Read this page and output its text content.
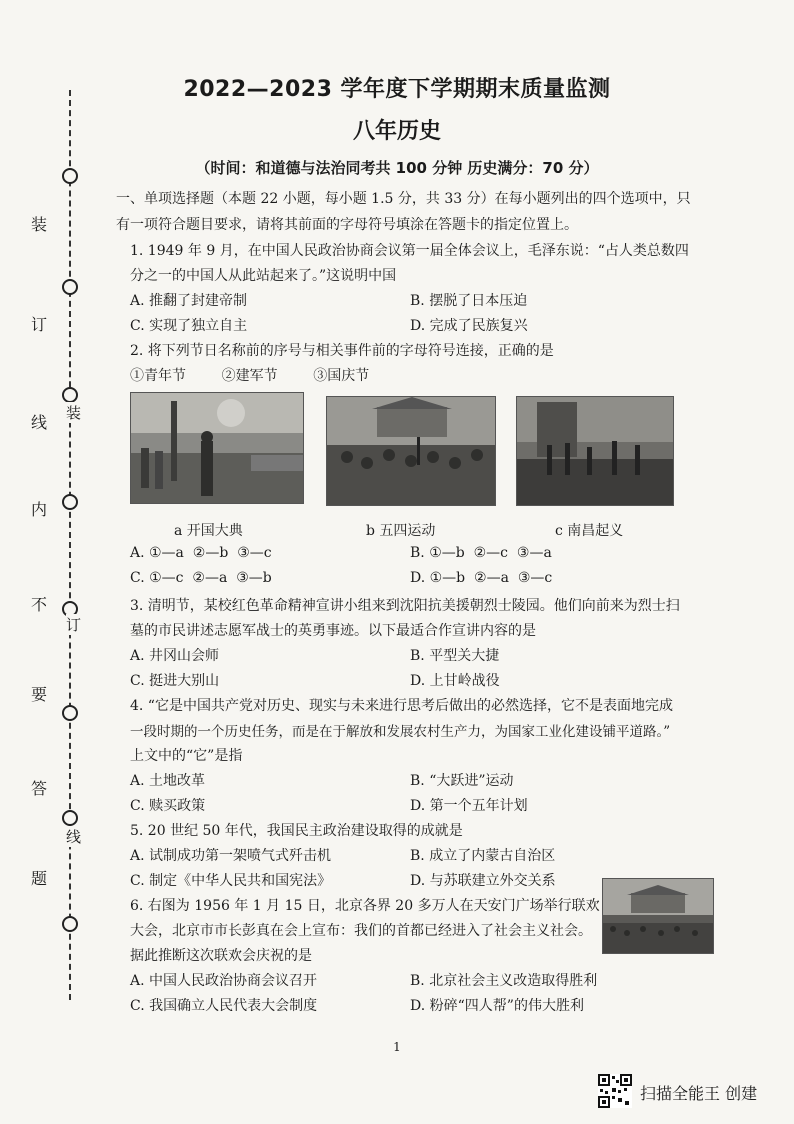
装
订
线
内
不
要
答
题
装
订
线
2022—2023 学年度下学期期末质量监测
八年历史
（时间：和道德与法治同考共 100 分钟 历史满分：70 分）
一、单项选择题（本题 22 小题，每小题 1.5 分，共 33 分）在每小题列出的四个选项中，只
有一项符合题目要求，请将其前面的字母符号填涂在答题卡的指定位置上。
1. 1949 年 9 月，在中国人民政治协商会议第一届全体会议上，毛泽东说：“占人类总数四
分之一的中国人从此站起来了。”这说明中国
A. 推翻了封建帝制	B. 摆脱了日本压迫
C. 实现了独立自主	D. 完成了民族复兴
2. 将下列节日名称前的序号与相关事件前的字母符号连接，正确的是
①青年节        ②建军节        ③国庆节
a 开国大典	b 五四运动	c 南昌起义
A. ①—a  ②—b  ③—c	B. ①—b  ②—c  ③—a
C. ①—c  ②—a  ③—b	D. ①—b  ②—a  ③—c
3. 清明节，某校红色革命精神宣讲小组来到沈阳抗美援朝烈士陵园。他们向前来为烈士扫
墓的市民讲述志愿军战士的英勇事迹。以下最适合作宣讲内容的是
A. 井冈山会师	B. 平型关大捷
C. 挺进大别山	D. 上甘岭战役
4. “它是中国共产党对历史、现实与未来进行思考后做出的必然选择，它不是表面地完成
一段时期的一个历史任务，而是在于解放和发展农村生产力，为国家工业化建设铺平道路。”
上文中的“它”是指
A. 土地改革	B. “大跃进”运动
C. 赎买政策	D. 第一个五年计划
5. 20 世纪 50 年代，我国民主政治建设取得的成就是
A. 试制成功第一架喷气式歼击机	B. 成立了内蒙古自治区
C. 制定《中华人民共和国宪法》	D. 与苏联建立外交关系
6. 右图为 1956 年 1 月 15 日，北京各界 20 多万人在天安门广场举行联欢
大会，北京市市长彭真在会上宣布：我们的首都已经进入了社会主义社会。
据此推断这次联欢会庆祝的是
A. 中国人民政治协商会议召开	B. 北京社会主义改造取得胜利
C. 我国确立人民代表大会制度	D. 粉碎“四人帮”的伟大胜利
1
扫描全能王 创建
